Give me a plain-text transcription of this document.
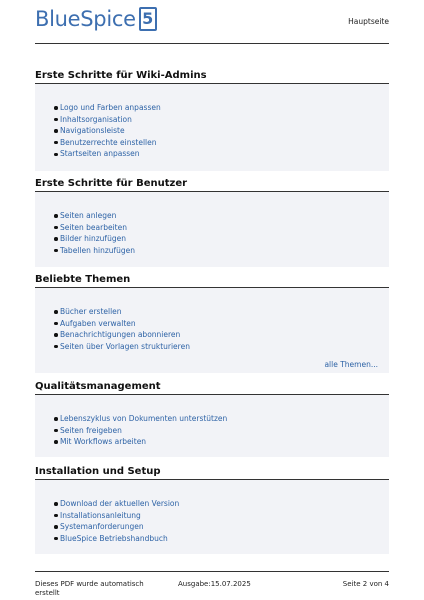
BlueSpice 5	Hauptseite
Erste Schritte für Wiki-Admins
Logo und Farben anpassen
Inhaltsorganisation
Navigationsleiste
Benutzerrechte einstellen
Startseiten anpassen
Erste Schritte für Benutzer
Seiten anlegen
Seiten bearbeiten
Bilder hinzufügen
Tabellen hinzufügen
Beliebte Themen
Bücher erstellen
Aufgaben verwalten
Benachrichtigungen abonnieren
Seiten über Vorlagen strukturieren
alle Themen...
Qualitätsmanagement
Lebenszyklus von Dokumenten unterstützen
Seiten freigeben
Mit Workflows arbeiten
Installation und Setup
Download der aktuellen Version
Installationsanleitung
Systemanforderungen
BlueSpice Betriebshandbuch
Dieses PDF wurde automatisch erstellt
Ausgabe:15.07.2025	Seite 2 von 4
